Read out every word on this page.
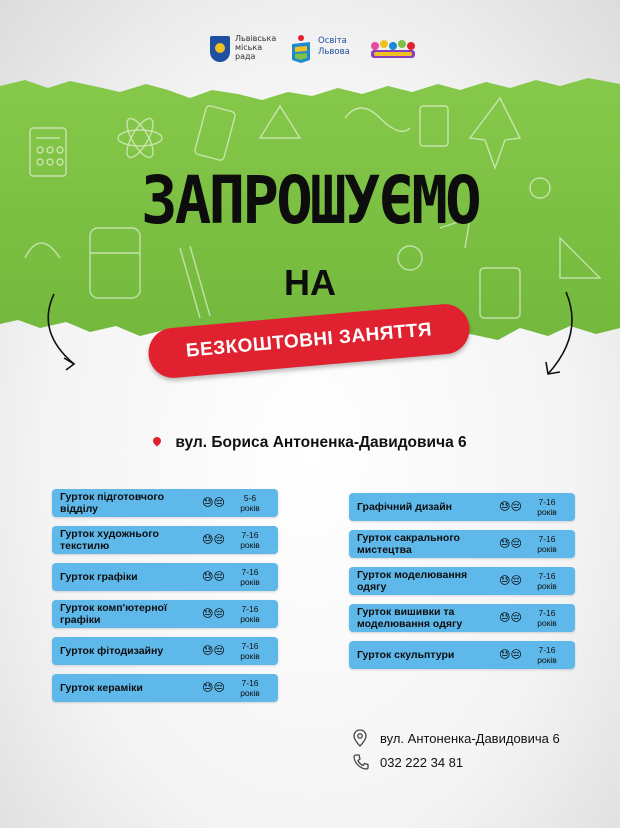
Львівська
міська
рада
Освіта
Львова
ЗАПРОШУЄМО
НА
БЕЗКОШТОВНІ ЗАНЯТТЯ
вул. Бориса Антоненка-Давидовича 6
Гурток підготовчого відділу	😓😔	5-6
років
Гурток художнього текстилю	😓😔	7-16
років
Гурток графіки	😓😔	7-16
років
Гурток комп'ютерної графіки	😓😔	7-16
років
Гурток фітодизайну	😓😔	7-16
років
Гурток кераміки	😓😔	7-16
років
Графічний дизайн	😓😔	7-16
років
Гурток сакрального мистецтва	😓😔	7-16
років
Гурток моделювання одягу	😓😔	7-16
років
Гурток вишивки та моделювання одягу	😓😔	7-16
років
Гурток скульптури	😓😔	7-16
років
вул. Антоненка-Давидовича 6
032 222 34 81
